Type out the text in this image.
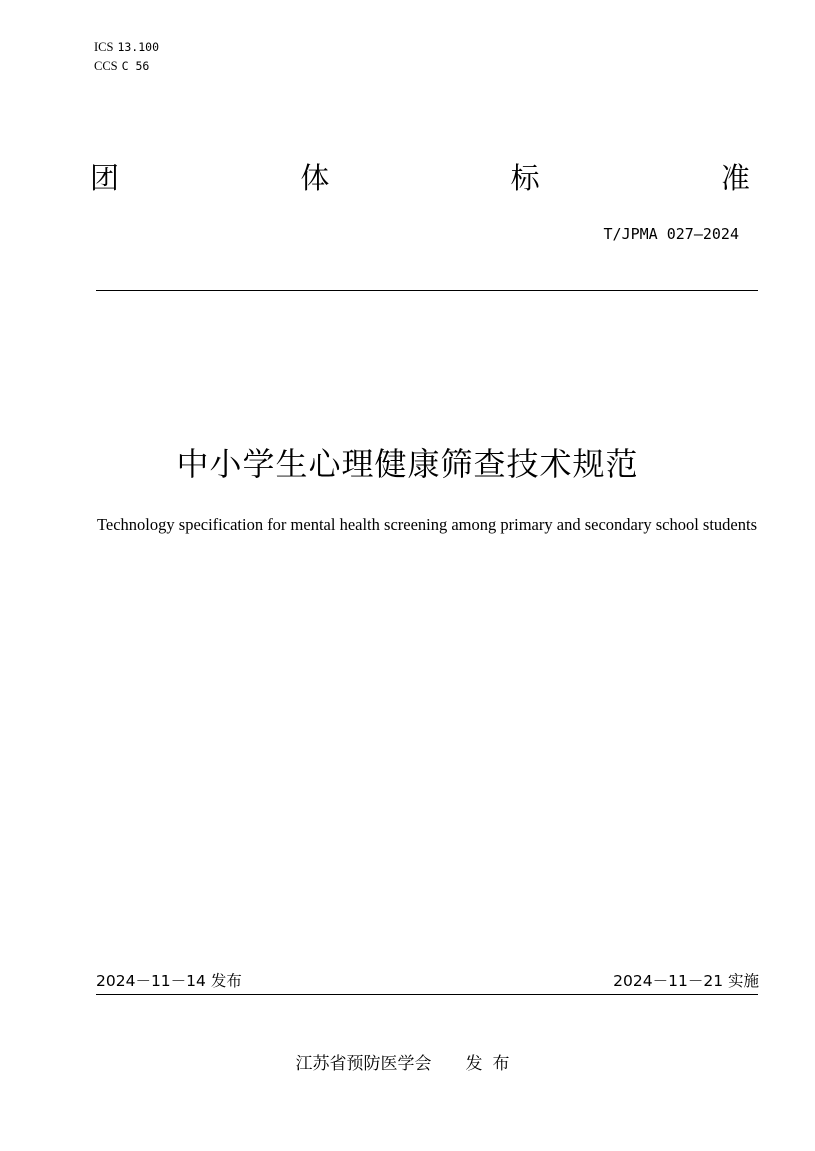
ICS 13.100
CCS C 56
团	体	标	准
T/JPMA 027—2024
中小学生心理健康筛查技术规范
Technology specification for mental health screening among primary and secondary school students
2024－11－14 发布	2024－11－21 实施
江苏省预防医学会 发布
